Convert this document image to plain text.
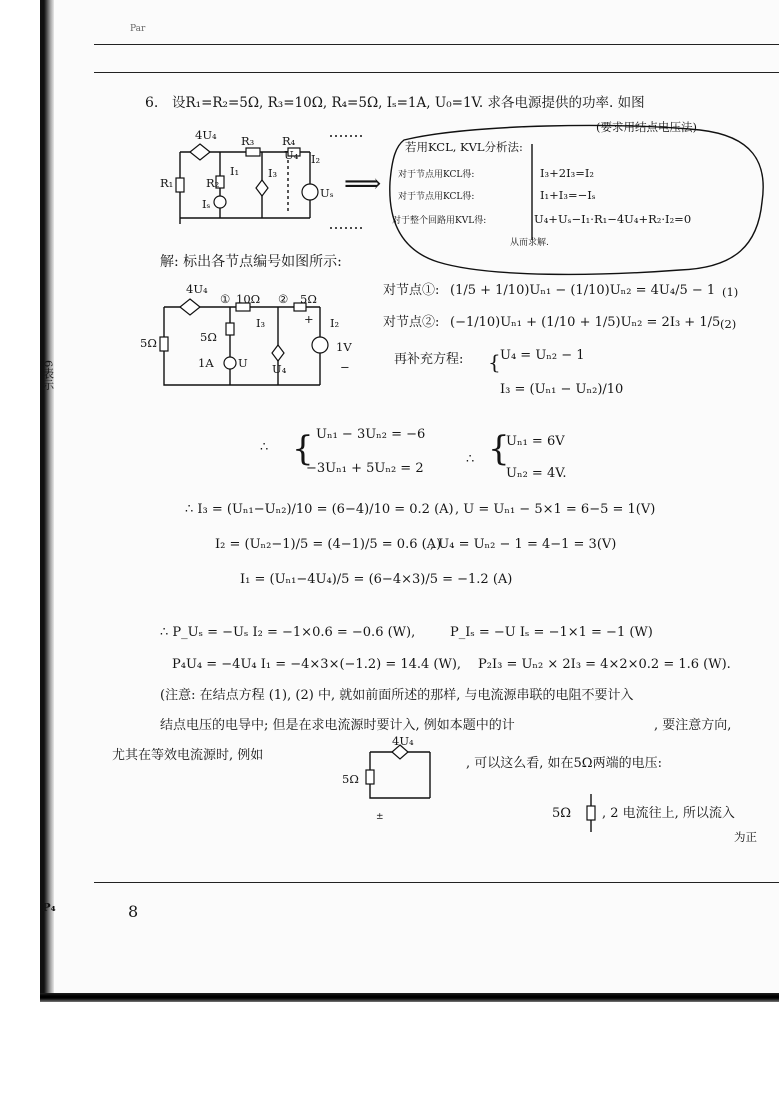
Par
6. 设R₁=R₂=5Ω, R₃=10Ω, R₄=5Ω, Iₛ=1A, U₀=1V. 求各电源提供的功率. 如图
(要求用结点电压法)
4U₄ R₃ R₄
U₄ I₂
R₁	R₂
Iₛ
I₃
I₁
Uₛ ⟹
若用KCL, KVL分析法:
对于节点用KCL得:	I₃+2I₃=I₂
对于节点用KCL得:	I₁+I₃=−Iₛ
对于整个回路用KVL得:	U₄+Uₛ−I₁·R₁−4U₄+R₂·I₂=0
从而求解.
解: 标出各节点编号如图所示:
4U₄
① 10Ω ② 5Ω
I₃	I₂
5Ω	5Ω
1A U
1V
+
U₄	−
对节点①: (1/5 + 1/10)Uₙ₁ − (1/10)Uₙ₂ = 4U₄/5 − 1 (1)
对节点②: (−1/10)Uₙ₁ + (1/10 + 1/5)Uₙ₂ = 2I₃ + 1/5 (2)
再补充方程: { U₄ = Uₙ₂ − 1
I₃ = (Uₙ₁ − Uₙ₂)/10
∴ { Uₙ₁ − 3Uₙ₂ = −6
−3Uₙ₁ + 5Uₙ₂ = 2
∴ {
Uₙ₁ = 6V
Uₙ₂ = 4V.
∴ I₃ = (Uₙ₁−Uₙ₂)/10 = (6−4)/10 = 0.2 (A) , U = Uₙ₁ − 5×1 = 6−5 = 1(V)
I₂ = (Uₙ₂−1)/5 = (4−1)/5 = 0.6 (A)
, U₄ = Uₙ₂ − 1 = 4−1 = 3(V)
I₁ = (Uₙ₁−4U₄)/5 = (6−4×3)/5 = −1.2 (A)
∴ P_Uₛ = −Uₛ I₂ = −1×0.6 = −0.6 (W),	P_Iₛ = −U Iₛ = −1×1 = −1 (W)
P₄U₄ = −4U₄ I₁ = −4×3×(−1.2) = 14.4 (W), P₂I₃ = Uₙ₂ × 2I₃ = 4×2×0.2 = 1.6 (W).
(注意: 在结点方程 (1), (2) 中, 就如前面所述的那样, 与电流源串联的电阻不要计入
结点电压的电导中; 但是在求电流源时要计入, 例如本题中的计	, 要注意方向,
尤其在等效电流源时, 例如
, 可以这么看, 如在5Ω两端的电压:
4U₄
5Ω
±	5Ω , 2 电流往上, 所以流入
为正
8
6表示
P₄
